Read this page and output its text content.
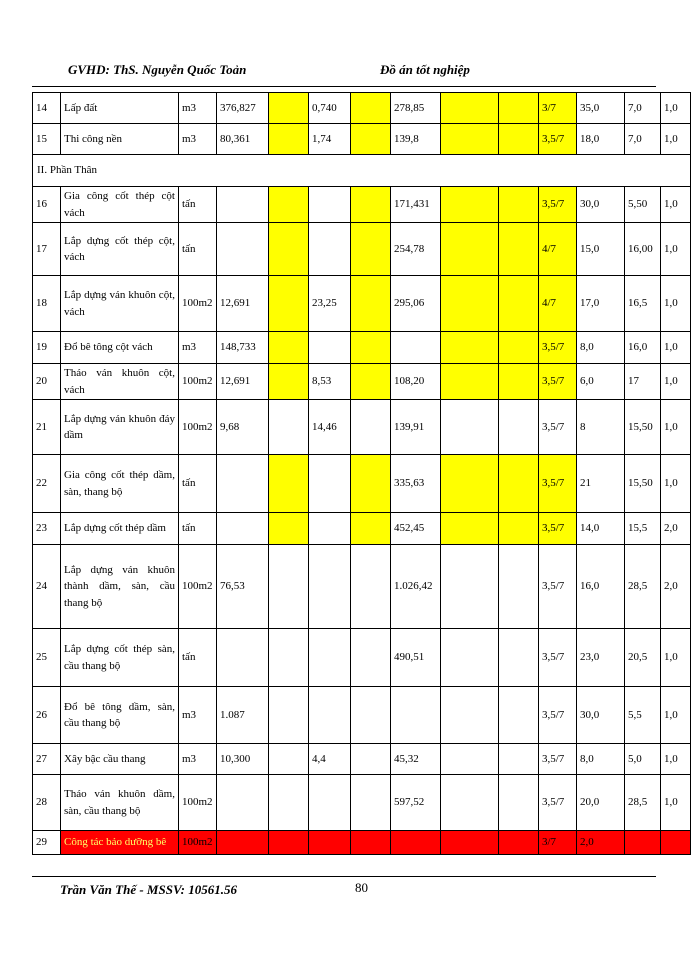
GVHD: ThS. Nguyễn Quốc Toản	Đồ án tốt nghiệp
14	Lấp đất	m3	376,827		0,740		278,85			3/7	35,0	7,0	1,0
15	Thi công nền	m3	80,361		1,74		139,8			3,5/7	18,0	7,0	1,0
II. Phần Thân													
16	Gia công cốt thép cột vách	tấn					171,431			3,5/7	30,0	5,50	1,0
17	Lắp dựng cốt thép cột, vách	tấn					254,78			4/7	15,0	16,00	1,0
18	Lắp dựng ván khuôn cột, vách	100m2	12,691		23,25		295,06			4/7	17,0	16,5	1,0
19	Đổ bê tông cột vách	m3	148,733							3,5/7	8,0	16,0	1,0
20	Tháo ván khuôn cột, vách	100m2	12,691		8,53		108,20			3,5/7	6,0	17	1,0
21	Lắp dựng ván khuôn đáy dầm	100m2	9,68		14,46		139,91			3,5/7	8	15,50	1,0
22	Gia công cốt thép dầm, sàn, thang bộ	tấn					335,63			3,5/7	21	15,50	1,0
23	Lắp dựng cốt thép dầm	tấn					452,45			3,5/7	14,0	15,5	2,0
24	Lắp dựng ván khuôn thành dầm, sàn, cầu thang bộ	100m2	76,53				1.026,42			3,5/7	16,0	28,5	2,0
25	Lắp dựng cốt thép sàn, cầu thang bộ	tấn					490,51			3,5/7	23,0	20,5	1,0
26	Đổ bê tông dầm, sàn, cầu thang bộ	m3	1.087							3,5/7	30,0	5,5	1,0
27	Xây bậc cầu thang	m3	10,300		4,4		45,32			3,5/7	8,0	5,0	1,0
28	Tháo ván khuôn dầm, sàn, cầu thang bộ	100m2					597,52			3,5/7	20,0	28,5	1,0
29	Công tác bảo dưỡng bê	100m2								3/7	2,0		
Trần Văn Thế - MSSV: 10561.56	80
